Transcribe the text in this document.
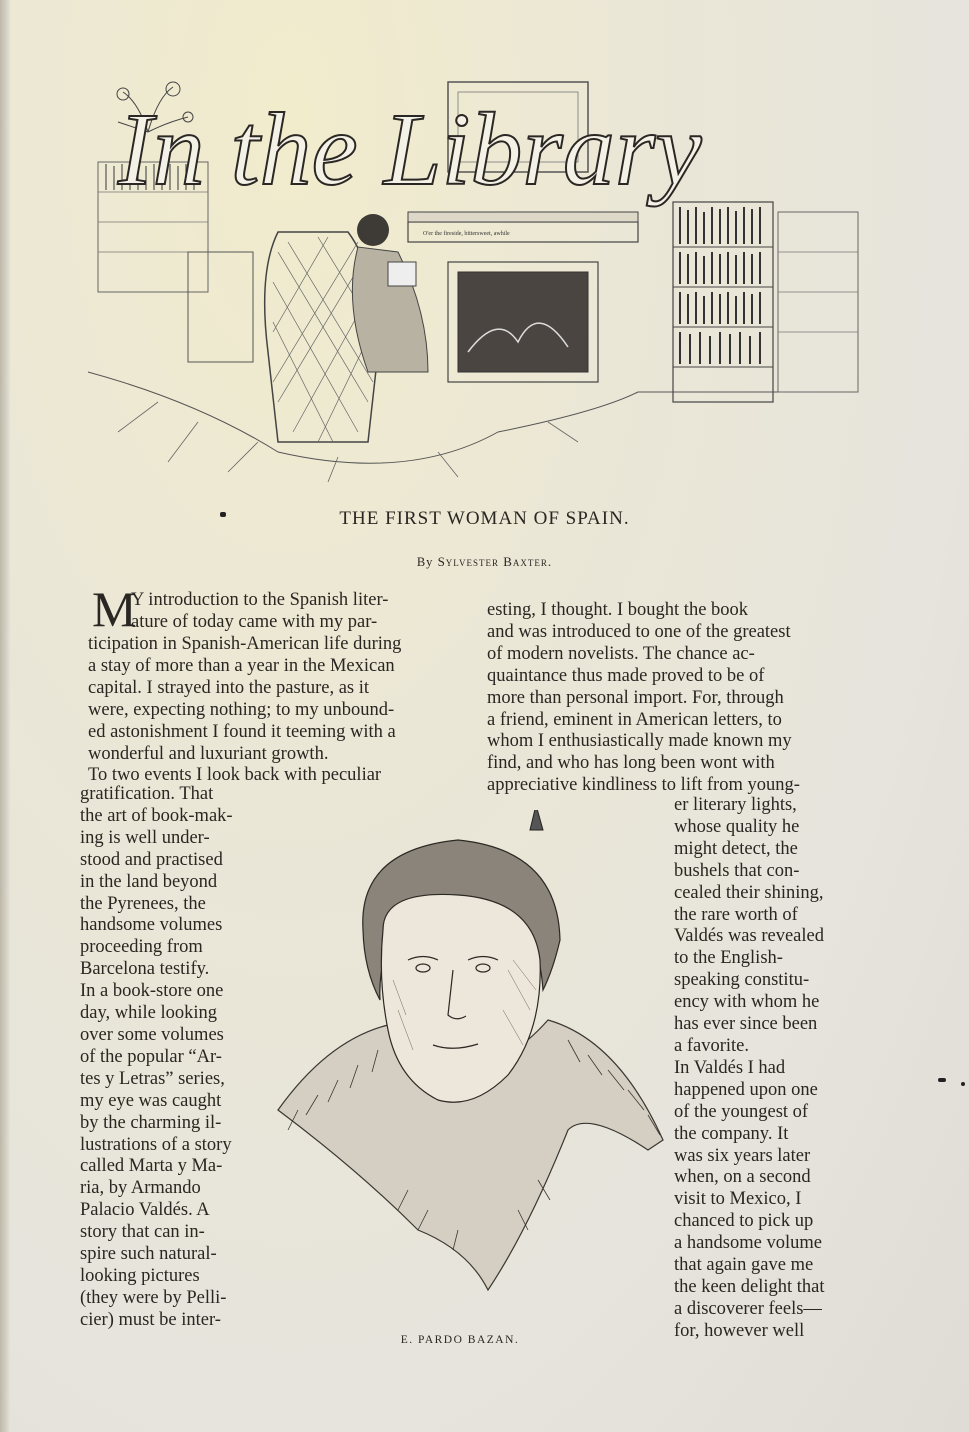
O'er the fireside, bittersweet, awhile
In the Library
THE FIRST WOMAN OF SPAIN.
By Sylvester Baxter.
M
Y introduction to the Spanish liter-
ature of today came with my par-
ticipation in Spanish-American life during
a stay of more than a year in the Mexican
capital. I strayed into the pasture, as it
were, expecting nothing; to my unbound-
ed astonishment I found it teeming with a
wonderful and luxuriant growth.
To two events I look back with peculiar
gratification. That
the art of book-mak-
ing is well under-
stood and practised
in the land beyond
the Pyrenees, the
handsome volumes
proceeding from
Barcelona testify.
In a book-store one
day, while looking
over some volumes
of the popular “Ar-
tes y Letras” series,
my eye was caught
by the charming il-
lustrations of a story
called Marta y Ma-
ria, by Armando
Palacio Valdés. A
story that can in-
spire such natural-
looking pictures
(they were by Pelli-
cier) must be inter-
esting, I thought. I bought the book
and was introduced to one of the greatest
of modern novelists. The chance ac-
quaintance thus made proved to be of
more than personal import. For, through
a friend, eminent in American letters, to
whom I enthusiastically made known my
find, and who has long been wont with
appreciative kindliness to lift from young-
er literary lights,
whose quality he
might detect, the
bushels that con-
cealed their shining,
the rare worth of
Valdés was revealed
to the English-
speaking constitu-
ency with whom he
has ever since been
a favorite.
In Valdés I had
happened upon one
of the youngest of
the company. It
was six years later
when, on a second
visit to Mexico, I
chanced to pick up
a handsome volume
that again gave me
the keen delight that
a discoverer feels—
for, however well
E. PARDO BAZAN.
